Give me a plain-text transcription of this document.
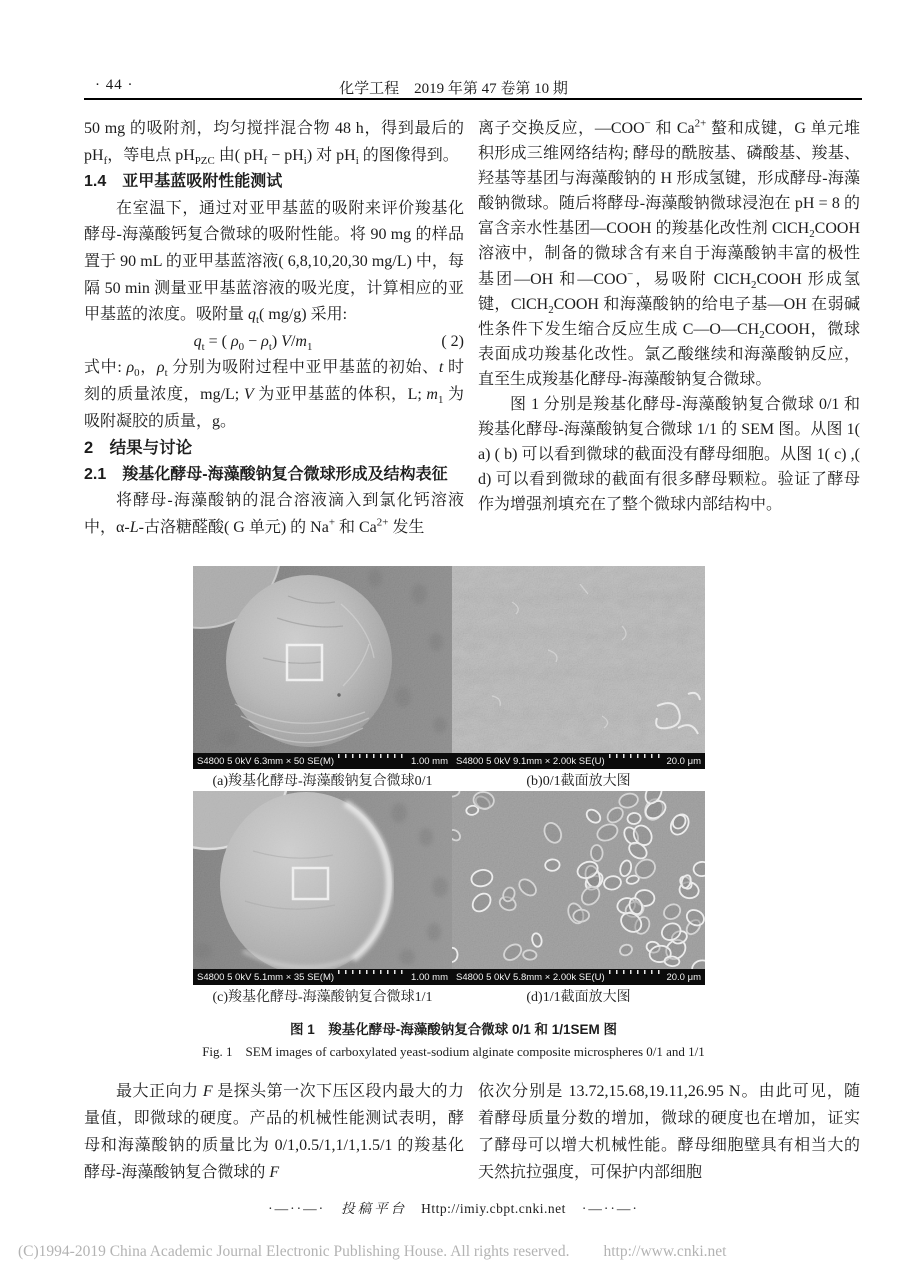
· 44 ·	化学工程　2019 年第 47 卷第 10 期

50 mg 的吸附剂，均匀搅拌混合物 48 h，得到最后的 $pH_f$，等电点 $pH_{PZC}$ 由( $pH_f - pH_i$) 对 $pH_i$ 的图像得到。

1.4　亚甲基蓝吸附性能测试

在室温下，通过对亚甲基蓝的吸附来评价羧基化酵母-海藻酸钙复合微球的吸附性能。将 90 mg 的样品置于 90 mL 的亚甲基蓝溶液( 6,8,10,20,30 mg/L) 中，每隔 50 min 测量亚甲基蓝溶液的吸光度，计算相应的亚甲基蓝的浓度。吸附量 $q_t$( mg/g) 采用:

$q_t$ = ( $\rho_0 - \rho_t$) $V/m_1$	( 2)

式中: $\rho_0$，$\rho_t$ 分别为吸附过程中亚甲基蓝的初始、t 时刻的质量浓度，mg/L; V 为亚甲基蓝的体积，L; $m_1$ 为吸附凝胶的质量，g。

2　结果与讨论

2.1　羧基化酵母-海藻酸钠复合微球形成及结构表征

将酵母-海藻酸钠的混合溶液滴入到氯化钙溶液中，α-L-古洛糖醛酸( G 单元) 的 Na+ 和 $Ca^{2+}$ 发生

离子交换反应，—COO− 和 $Ca^{2+}$ 螯和成键，G 单元堆积形成三维网络结构; 酵母的酰胺基、磷酸基、羧基、羟基等基团与海藻酸钠的 H 形成氢键，形成酵母-海藻酸钠微球。随后将酵母-海藻酸钠微球浸泡在 pH = 8 的富含亲水性基团—COOH 的羧基化改性剂 ClCH$_2$COOH 溶液中，制备的微球含有来自于海藻酸钠丰富的极性基团—OH 和—COO−，易吸附 ClCH$_2$COOH 形成氢键，ClCH$_2$COOH 和海藻酸钠的给电子基—OH 在弱碱性条件下发生缩合反应生成 $C—O—CH_2COOH$，微球表面成功羧基化改性。氯乙酸继续和海藻酸钠反应，直至生成羧基化酵母-海藻酸钠复合微球。

图 1 分别是羧基化酵母-海藻酸钠复合微球 0/1 和羧基化酵母-海藻酸钠复合微球 1/1 的 SEM 图。从图 1( a) ( b) 可以看到微球的截面没有酵母细胞。从图 1( c) ,( d) 可以看到微球的截面有很多酵母颗粒。验证了酵母作为增强剂填充在了整个微球内部结构中。

S4800 5 0kV 6.3mm × 50 SE(M)	1.00 mm S4800 5 0kV 9.1mm × 2.00k SE(U)	20.0 μm
(a)羧基化酵母-海藻酸钠复合微球0/1	(b)0/1截面放大图
S4800 5 0kV 5.1mm × 35 SE(M)	1.00 mm S4800 5 0kV 5.8mm × 2.00k SE(U)	20.0 μm
(c)羧基化酵母-海藻酸钠复合微球1/1	(d)1/1截面放大图
图 1　羧基化酵母-海藻酸钠复合微球 0/1 和 1/1SEM 图
Fig. 1　SEM images of carboxylated yeast-sodium alginate composite microspheres 0/1 and 1/1

最大正向力 F 是探头第一次下压区段内最大的力量值，即微球的硬度。产品的机械性能测试表明，酵母和海藻酸钠的质量比为 0/1,0.5/1,1/1,1.5/1 的羧基化酵母-海藻酸钠复合微球的 F

依次分别是 13.72,15.68,19.11,26.95 N。由此可见，随着酵母质量分数的增加，微球的硬度也在增加，证实了酵母可以增大机械性能。酵母细胞壁具有相当大的天然抗拉强度，可保护内部细胞

·—··—· 投稿平台 Http://imiy.cbpt.cnki.net ·—··—·
(C)1994-2019 China Academic Journal Electronic Publishing House. All rights reserved. http://www.cnki.net
